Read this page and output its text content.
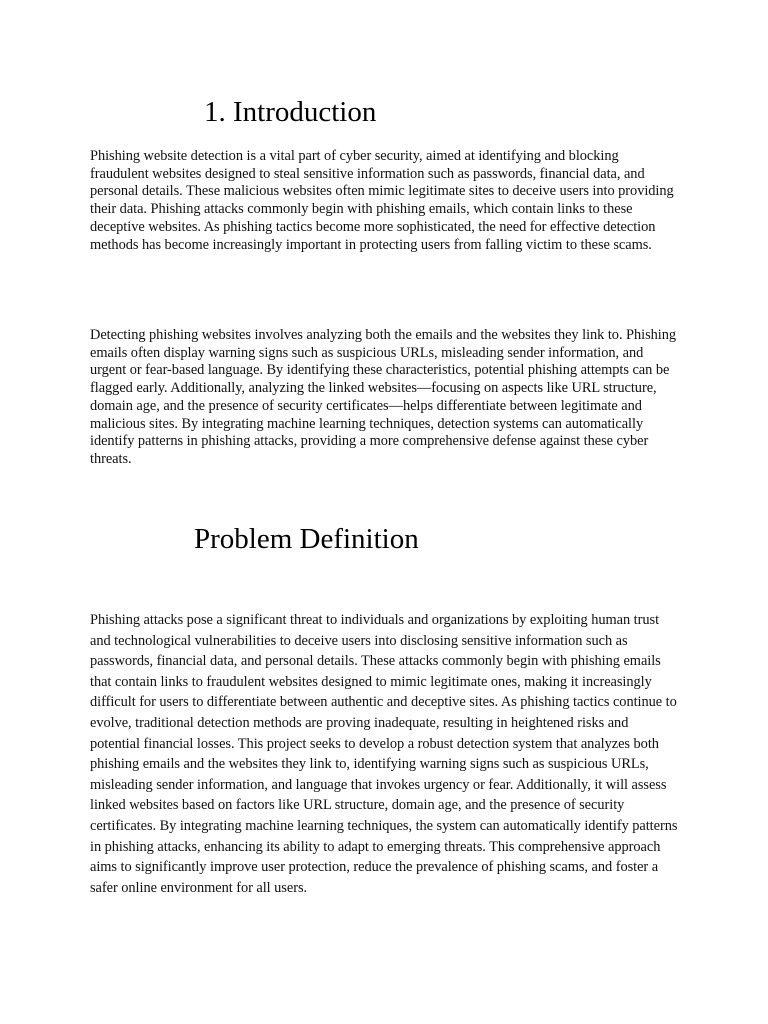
1. Introduction

Phishing website detection is a vital part of cyber security, aimed at identifying and blocking fraudulent websites designed to steal sensitive information such as passwords, financial data, and personal details. These malicious websites often mimic legitimate sites to deceive users into providing their data. Phishing attacks commonly begin with phishing emails, which contain links to these deceptive websites. As phishing tactics become more sophisticated, the need for effective detection methods has become increasingly important in protecting users from falling victim to these scams.

Detecting phishing websites involves analyzing both the emails and the websites they link to. Phishing emails often display warning signs such as suspicious URLs, misleading sender information, and urgent or fear-based language. By identifying these characteristics, potential phishing attempts can be flagged early. Additionally, analyzing the linked websites—focusing on aspects like URL structure, domain age, and the presence of security certificates—helps differentiate between legitimate and malicious sites. By integrating machine learning techniques, detection systems can automatically identify patterns in phishing attacks, providing a more comprehensive defense against these cyber threats.

Problem Definition

Phishing attacks pose a significant threat to individuals and organizations by exploiting human trust and technological vulnerabilities to deceive users into disclosing sensitive information such as passwords, financial data, and personal details. These attacks commonly begin with phishing emails that contain links to fraudulent websites designed to mimic legitimate ones, making it increasingly difficult for users to differentiate between authentic and deceptive sites. As phishing tactics continue to evolve, traditional detection methods are proving inadequate, resulting in heightened risks and potential financial losses. This project seeks to develop a robust detection system that analyzes both phishing emails and the websites they link to, identifying warning signs such as suspicious URLs, misleading sender information, and language that invokes urgency or fear. Additionally, it will assess linked websites based on factors like URL structure, domain age, and the presence of security certificates. By integrating machine learning techniques, the system can automatically identify patterns in phishing attacks, enhancing its ability to adapt to emerging threats. This comprehensive approach aims to significantly improve user protection, reduce the prevalence of phishing scams, and foster a safer online environment for all users.
